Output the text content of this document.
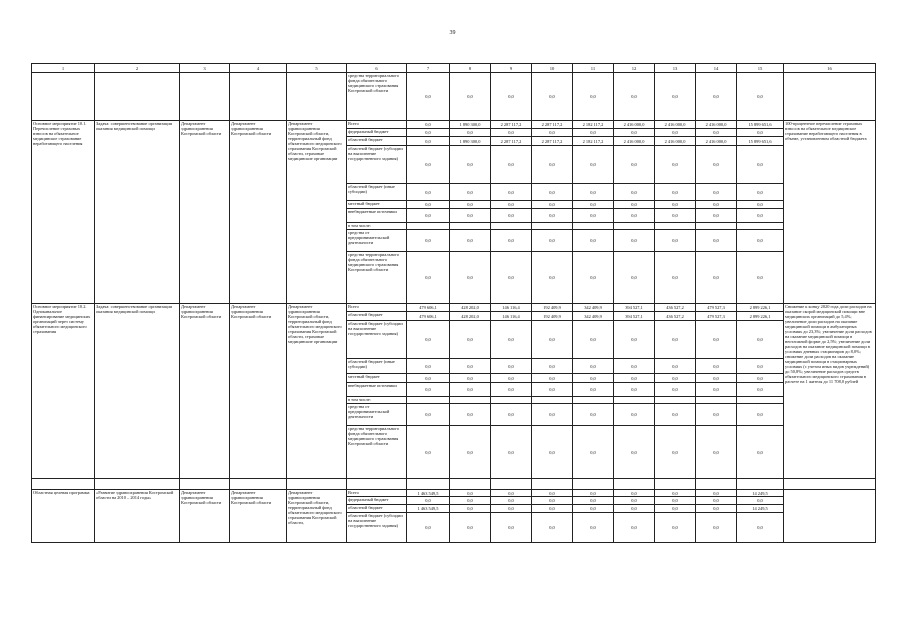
39
1	2	3	4	5	6	7	8	9	10	11	12	13	14	15	16
					средства территориального фонда обязательного медицинского страхования Костромской области	0,0	0,0	0,0	0,0	0,0	0,0	0,0	0,0	0,0	
Основное мероприятие 10.1. Перечисление страховых взносов на обязательное медицинское страхование неработающего населения	Задача: совершенствование организации оказания медицинской помощи	Департамент здравоохранения Костромской области	Департамент здравоохранения Костромской области	Департамент здравоохранения Костромской области, территориальный фонд обязательного медицинского страхования Костромской области, страховые медицинские организации	Всего	0,0	1 890 300,0	2 287 117,2	2 287 117,2	2 182 117,2	2 416 000,0	2 416 000,0	2 416 000,0	15 899 651,6	100-процентное перечисление страховых взносов на обязательное медицинское страхование неработающего населения в объеме, установленном областной бюджета
					федеральный бюджет	0,0	0,0	0,0	0,0	0,0	0,0	0,0	0,0	0,0	
					областной бюджет	0,0	1 890 300,0	2 287 117,2	2 287 117,2	2 182 117,2	2 416 000,0	2 416 000,0	2 416 000,0	15 899 651,6	
					областной бюджет (субсидии на выполнение государственного задания)	0,0	0,0	0,0	0,0	0,0	0,0	0,0	0,0	0,0	
					областной бюджет (иные субсидии)	0,0	0,0	0,0	0,0	0,0	0,0	0,0	0,0	0,0	
					местный бюджет	0,0	0,0	0,0	0,0	0,0	0,0	0,0	0,0	0,0	
					внебюджетные источники	0,0	0,0	0,0	0,0	0,0	0,0	0,0	0,0	0,0	
					в том числе:										
					средства от предпринимательской деятельности	0,0	0,0	0,0	0,0	0,0	0,0	0,0	0,0	0,0	
					средства территориального фонда обязательного медицинского страхования Костромской области	0,0	0,0	0,0	0,0	0,0	0,0	0,0	0,0	0,0	
Основное мероприятие 10.2. Одноканальное финансирование медицинских организаций через систему обязательного медицинского страхования	Задача: совершенствование организации оказания медицинской помощи	Департамент здравоохранения Костромской области	Департамент здравоохранения Костромской области	Департамент здравоохранения Костромской области, территориальный фонд обязательного медицинского страхования Костромской области, страховые медицинские организации	Всего	479 606,1	428 202,0	146 116,4	192 409,9	342 409,9	394 527,1	436 527,2	479 527,3	2 899 226,1	Снижение к концу 2020 года доли расходов на оказание скорой медицинской помощи вне медицинских организаций до 5,4%; увеличение доли расходов на оказание медицинской помощи в амбулаторных условиях до 23,3%; увеличение доли расходов на оказание медицинской помощи в неотложной форме до 2,5%; увеличение доли расходов на оказание медицинской помощи в условиях дневных стационаров до 8,0%; снижение доли расходов на оказание медицинской помощи в стационарных условиях (с учетом иных видов учреждений) до 50,8%; увеличение расходов средств обязательного медицинского страхования в расчете на 1 жителя до 11 708,0 рублей
					областной бюджет	479 606,1	428 202,0	146 116,4	192 409,9	342 409,9	394 527,1	436 527,2	479 527,3	2 899 226,1	
					областной бюджет (субсидии на выполнение государственного задания)	0,0	0,0	0,0	0,0	0,0	0,0	0,0	0,0	0,0	
					областной бюджет (иные субсидии)	0,0	0,0	0,0	0,0	0,0	0,0	0,0	0,0	0,0	
					местный бюджет	0,0	0,0	0,0	0,0	0,0	0,0	0,0	0,0	0,0	
					внебюджетные источники	0,0	0,0	0,0	0,0	0,0	0,0	0,0	0,0	0,0	
					в том числе:										
					средства от предпринимательской деятельности	0,0	0,0	0,0	0,0	0,0	0,0	0,0	0,0	0,0	
					средства территориального фонда обязательного медицинского страхования Костромской области	0,0	0,0	0,0	0,0	0,0	0,0	0,0	0,0	0,0	

Областная целевая программа	«Развитие здравоохранения Костромской области на 2010 – 2014 годы»	Департамент здравоохранения Костромской области	Департамент здравоохранения Костромской области	Департамент здравоохранения Костромской области, территориальный фонд обязательного медицинского страхования Костромской области,	Всего	1 463 549,5	0,0	0,0	0,0	0,0	0,0	0,0	0,0	14 249,5	
					федеральный бюджет	0,0	0,0	0,0	0,0	0,0	0,0	0,0	0,0	0,0	
					областной бюджет	1 463 549,5	0,0	0,0	0,0	0,0	0,0	0,0	0,0	14 249,5	
					областной бюджет (субсидии на выполнение государственного задания)	0,0	0,0	0,0	0,0	0,0	0,0	0,0	0,0	0,0	
